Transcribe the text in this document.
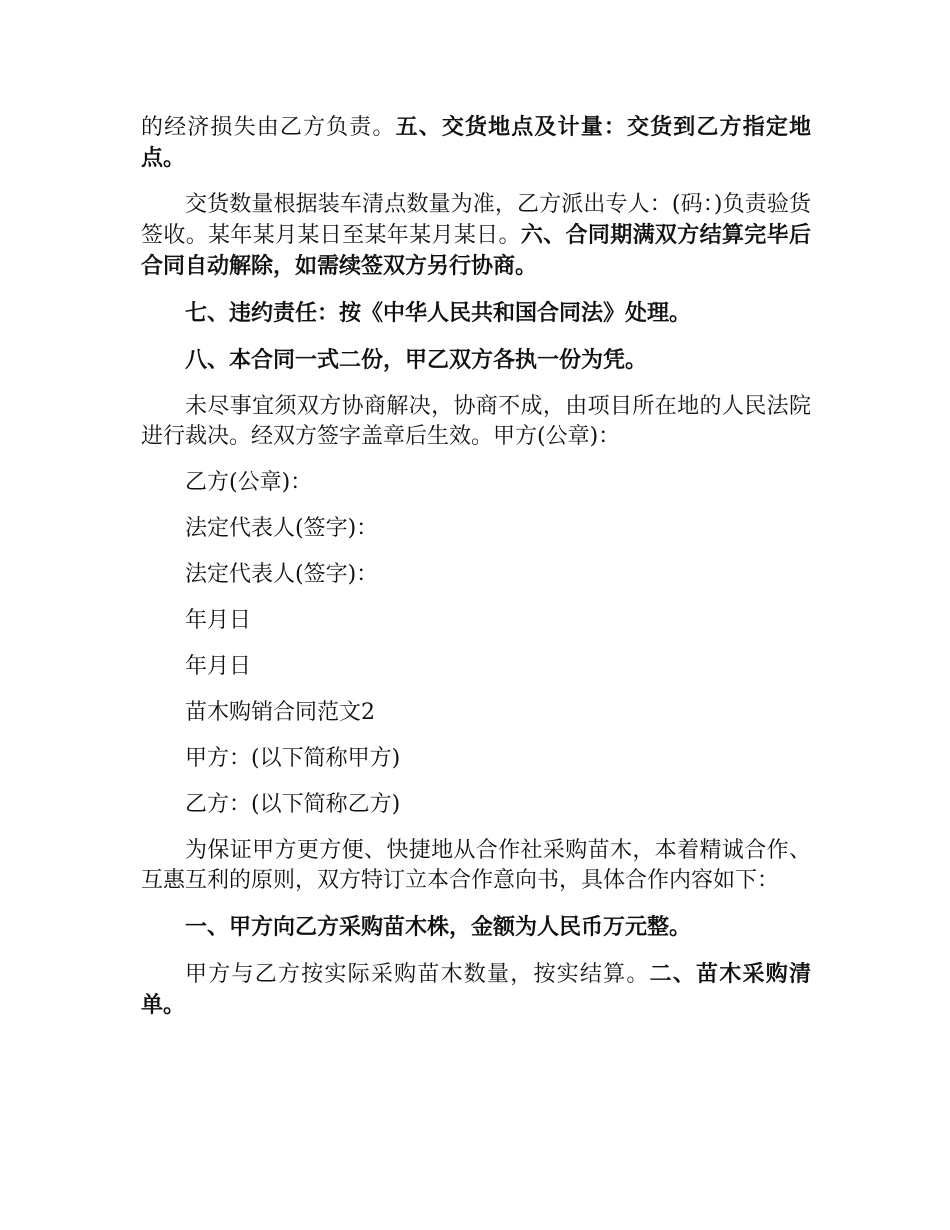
的经济损失由乙方负责。五、交货地点及计量：交货到乙方指定地点。

交货数量根据装车清点数量为准，乙方派出专人：(码：)负责验货签收。某年某月某日至某年某月某日。六、合同期满双方结算完毕后合同自动解除，如需续签双方另行协商。

七、违约责任：按《中华人民共和国合同法》处理。

八、本合同一式二份，甲乙双方各执一份为凭。

未尽事宜须双方协商解决，协商不成，由项目所在地的人民法院进行裁决。经双方签字盖章后生效。甲方(公章)：

乙方(公章)：

法定代表人(签字)：

法定代表人(签字)：

年月日

年月日

苗木购销合同范文2

甲方：(以下简称甲方)

乙方：(以下简称乙方)

为保证甲方更方便、快捷地从合作社采购苗木，本着精诚合作、互惠互利的原则，双方特订立本合作意向书，具体合作内容如下：

一、甲方向乙方采购苗木株，金额为人民币万元整。

甲方与乙方按实际采购苗木数量，按实结算。二、苗木采购清单。
